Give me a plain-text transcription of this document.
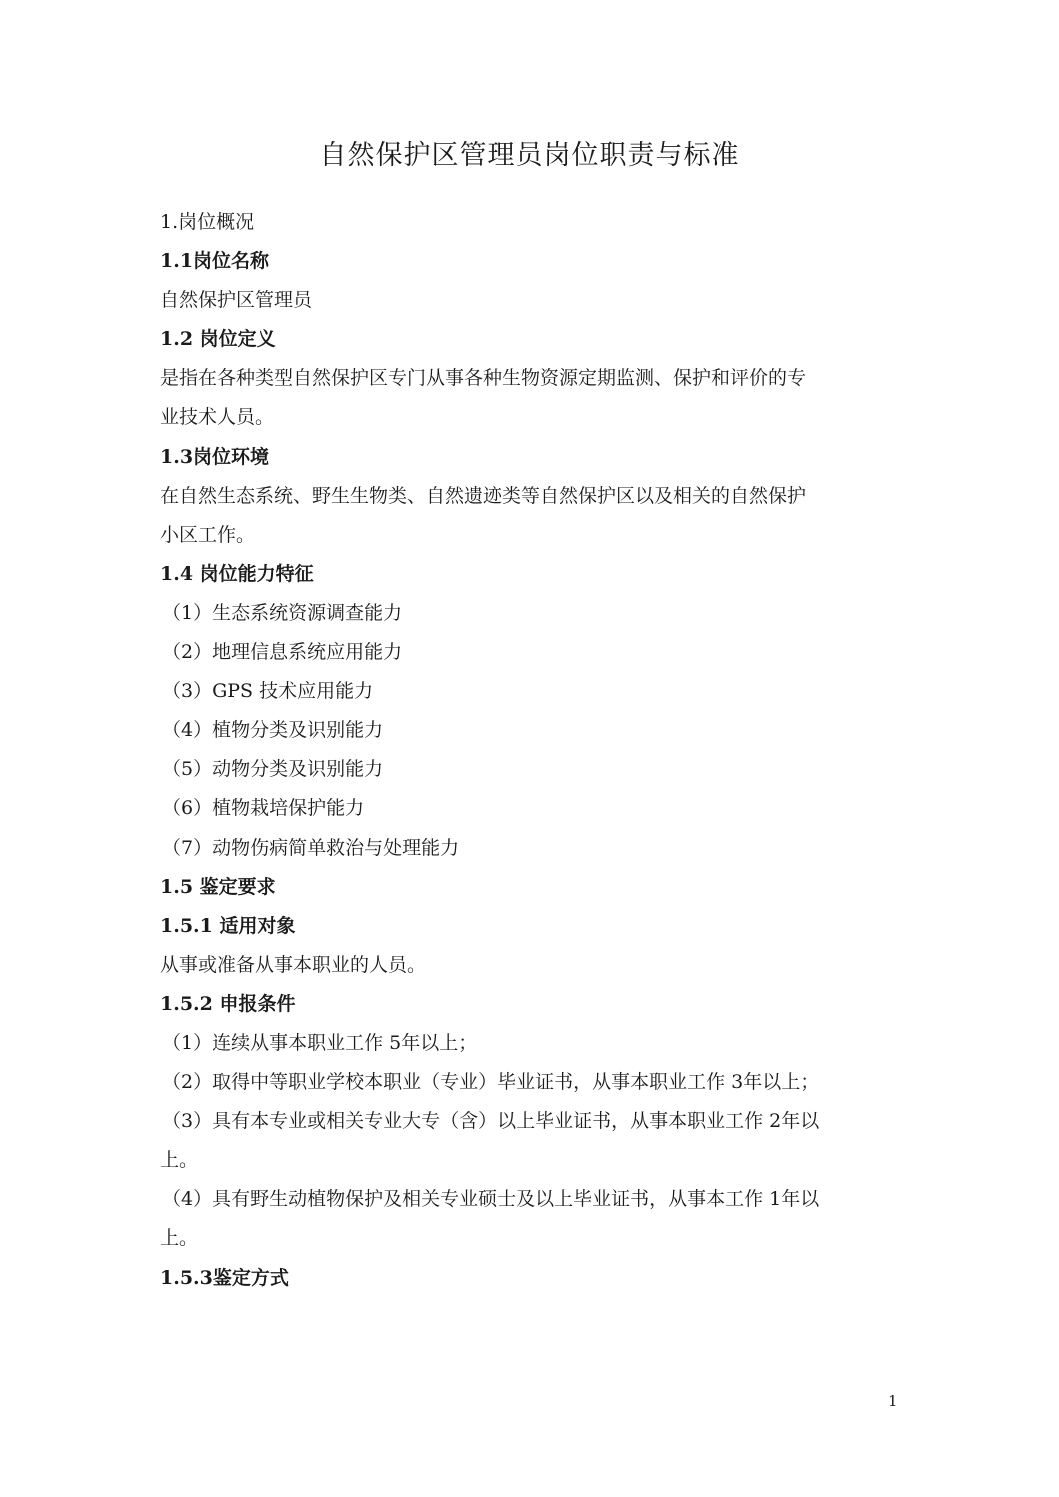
自然保护区管理员岗位职责与标准
1.岗位概况
1.1岗位名称
自然保护区管理员
1.2 岗位定义
是指在各种类型自然保护区专门从事各种生物资源定期监测、保护和评价的专
业技术人员。
1.3岗位环境
在自然生态系统、野生生物类、自然遗迹类等自然保护区以及相关的自然保护
小区工作。
1.4 岗位能力特征
（1）生态系统资源调查能力
（2）地理信息系统应用能力
（3）GPS 技术应用能力
（4）植物分类及识别能力
（5）动物分类及识别能力
（6）植物栽培保护能力
（7）动物伤病简单救治与处理能力
1.5 鉴定要求
1.5.1 适用对象
从事或准备从事本职业的人员。
1.5.2 申报条件
（1）连续从事本职业工作 5年以上；
（2）取得中等职业学校本职业（专业）毕业证书，从事本职业工作 3年以上；
（3）具有本专业或相关专业大专（含）以上毕业证书，从事本职业工作 2年以
上。
（4）具有野生动植物保护及相关专业硕士及以上毕业证书，从事本工作 1年以
上。
1.5.3鉴定方式
1
